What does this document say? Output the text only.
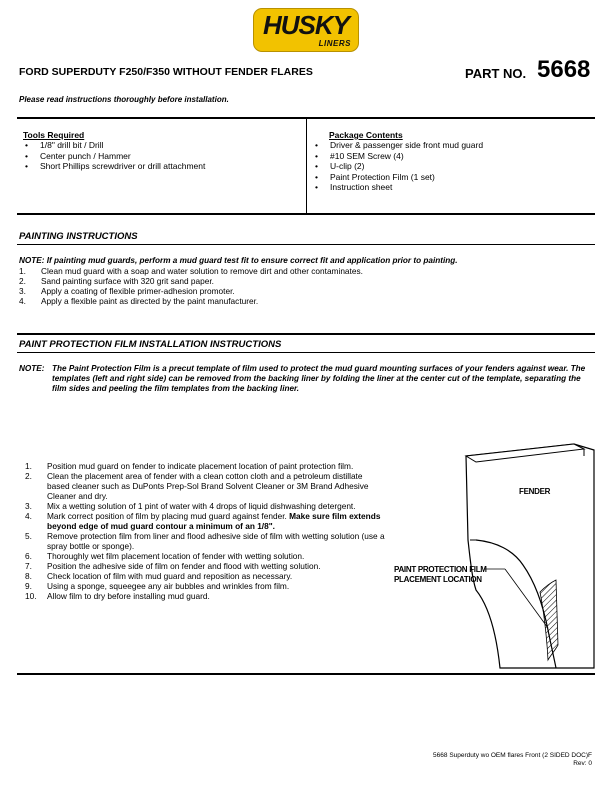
HUSKY
LINERS
FORD SUPERDUTY F250/F350 WITHOUT FENDER FLARES	PART NO. 5668
Please read instructions thoroughly before installation.
Tools Required
• 1/8" drill bit / Drill
• Center punch / Hammer
• Short Phillips screwdriver or drill attachment
Package Contents
• Driver & passenger side front mud guard
• #10 SEM Screw (4)
• U-clip (2)
• Paint Protection Film (1 set)
• Instruction sheet
PAINTING INSTRUCTIONS
NOTE: If painting mud guards, perform a mud guard test fit to ensure correct fit and application prior to painting.
1. Clean mud guard with a soap and water solution to remove dirt and other contaminates.
2. Sand painting surface with 320 grit sand paper.
3. Apply a coating of flexible primer-adhesion promoter.
4. Apply a flexible paint as directed by the paint manufacturer.
PAINT PROTECTION FILM INSTALLATION INSTRUCTIONS
NOTE: The Paint Protection Film is a precut template of film used to protect the mud guard mounting surfaces of your fenders against wear. The templates (left and right side) can be removed from the backing liner by folding the liner at the center cut of the template, separating the film sides and peeling the film templates from the backing liner.
1. Position mud guard on fender to indicate placement location of paint protection film.
2. Clean the placement area of fender with a clean cotton cloth and a petroleum distillate based cleaner such as DuPonts Prep-Sol Brand Solvent Cleaner or 3M Brand Adhesive Cleaner and dry.
3. Mix a wetting solution of 1 pint of water with 4 drops of liquid dishwashing detergent.
4. Mark correct position of film by placing mud guard against fender. Make sure film extends beyond edge of mud guard contour a minimum of an 1/8".
5. Remove protection film from liner and flood adhesive side of film with wetting solution (use a spray bottle or sponge).
6. Thoroughly wet film placement location of fender with wetting solution.
7. Position the adhesive side of film on fender and flood with wetting solution.
8. Check location of film with mud guard and reposition as necessary.
9. Using a sponge, squeegee any air bubbles and wrinkles from film.
10. Allow film to dry before installing mud guard.
FENDER
PAINT PROTECTION FILM
PLACEMENT LOCATION
5668 Superduty wo OEM flares Front (2 SIDED DOC)F
Rev: 0
